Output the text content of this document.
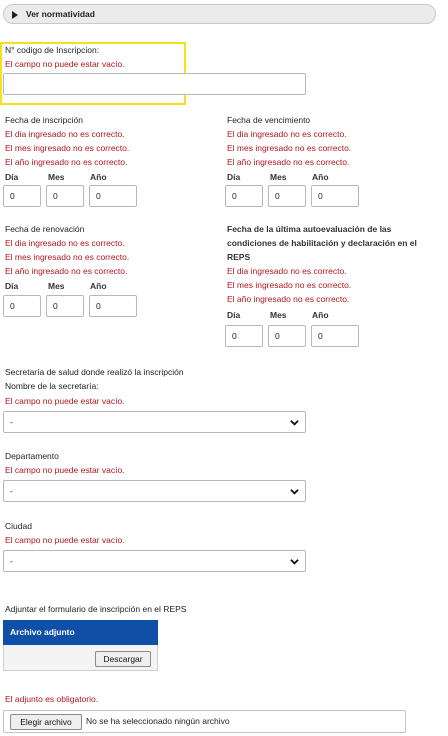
Ver normatividad
N° codigo de Inscripcion:
El campo no puede estar vacío.
Fecha de inscripción
El dia ingresado no es correcto.
El mes ingresado no es correcto.
El año ingresado no es correcto.
Día	Mes	Año
0	0	0
Fecha de vencimiento
El dia ingresado no es correcto.
El mes ingresado no es correcto.
El año ingresado no es correcto.
Día	Mes	Año
0	0	0
Fecha de renovación
El dia ingresado no es correcto.
El mes ingresado no es correcto.
El año ingresado no es correcto.
Día	Mes	Año
0	0	0
Fecha de la última autoevaluación de las
condiciones de habilitación y declaración en el
REPS
El dia ingresado no es correcto.
El mes ingresado no es correcto.
El año ingresado no es correcto.
Día	Mes	Año
0	0	0
Secretaría de salud donde realizó la inscripción
Nombre de la secretaría:
El campo no puede estar vacío.
-
Departamento
El campo no puede estar vacío.
-
Ciudad
El campo no puede estar vacío.
-
Adjuntar el formulario de inscripción en el REPS
Archivo adjunto
Descargar
El adjunto es obligatorio.
Elegir archivo	No se ha seleccionado ningún archivo
